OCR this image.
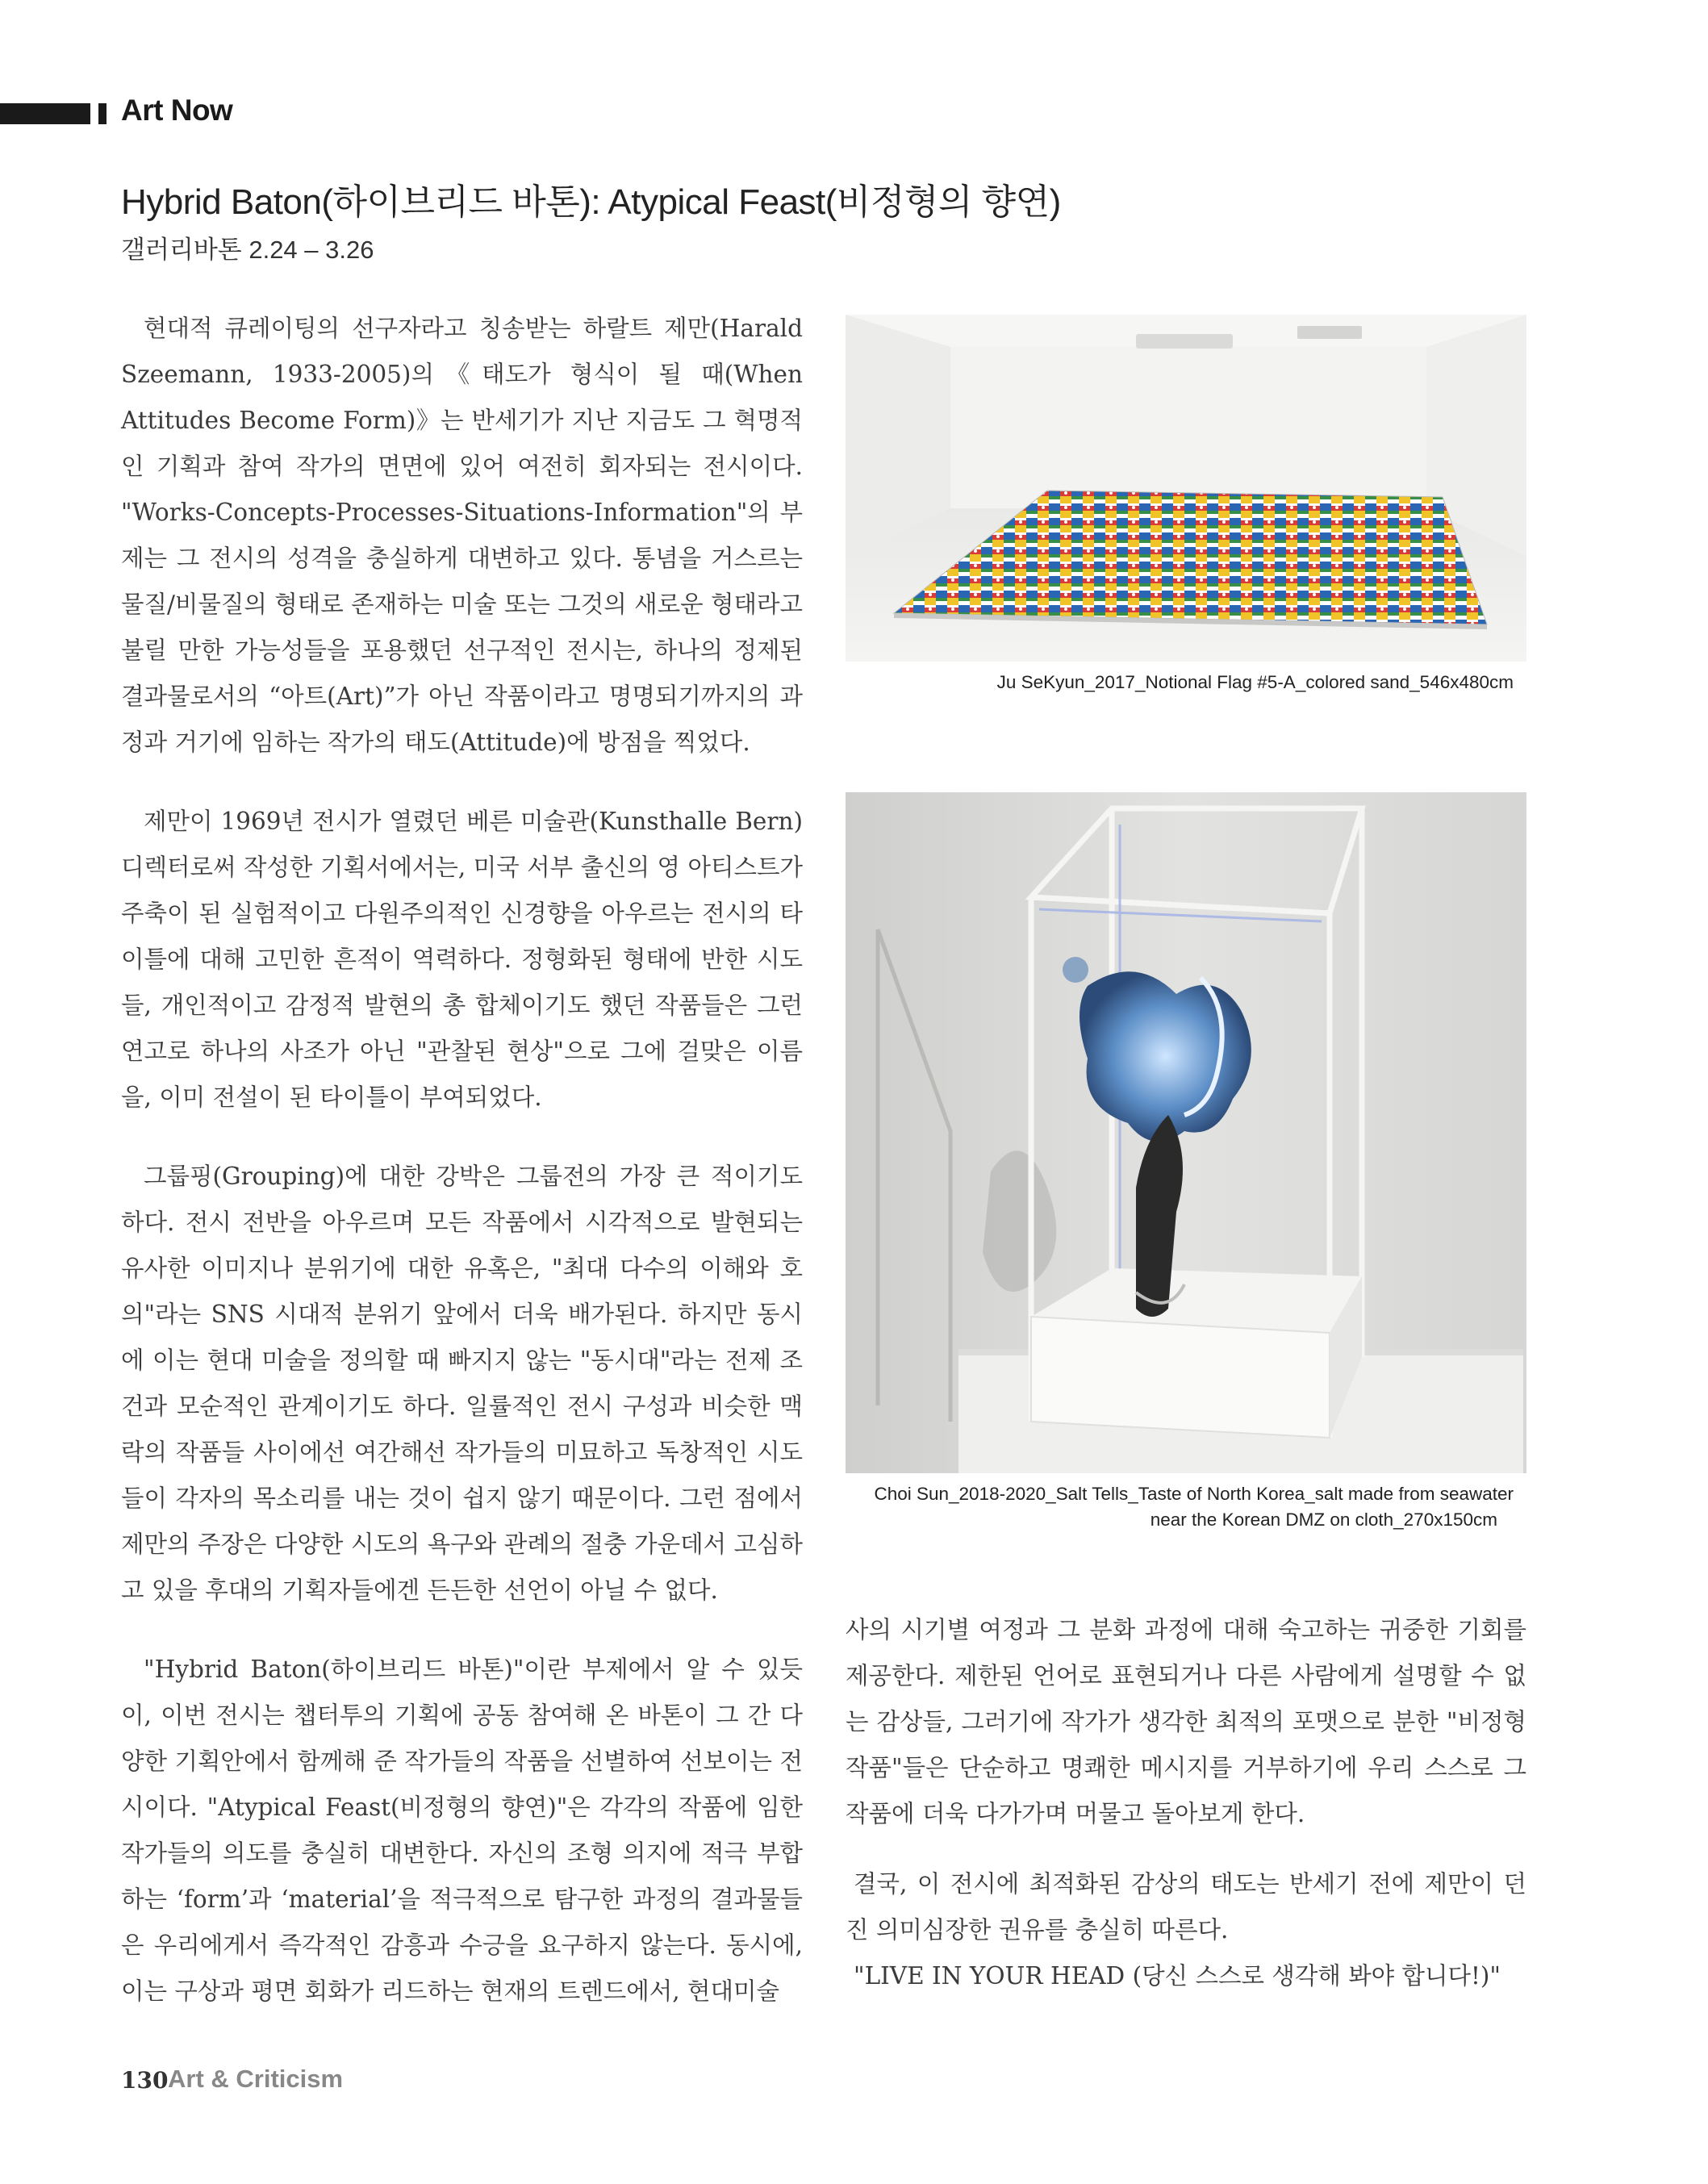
Art Now
Hybrid Baton(하이브리드 바톤): Atypical Feast(비정형의 향연)
갤러리바톤 2.24 – 3.26

현대적 큐레이팅의 선구자라고 칭송받는 하랄트 제만(Harald Szeemann, 1933-2005)의《태도가 형식이 될 때(When Attitudes Become Form)》는 반세기가 지난 지금도 그 혁명적인 기획과 참여 작가의 면면에 있어 여전히 회자되는 전시이다. "Works-Concepts-Processes-Situations-Information"의 부제는 그 전시의 성격을 충실하게 대변하고 있다. 통념을 거스르는 물질/비물질의 형태로 존재하는 미술 또는 그것의 새로운 형태라고 불릴 만한 가능성들을 포용했던 선구적인 전시는, 하나의 정제된 결과물로서의 “아트(Art)”가 아닌 작품이라고 명명되기까지의 과정과 거기에 임하는 작가의 태도(Attitude)에 방점을 찍었다.

제만이 1969년 전시가 열렸던 베른 미술관(Kunsthalle Bern) 디렉터로써 작성한 기획서에서는, 미국 서부 출신의 영 아티스트가 주축이 된 실험적이고 다원주의적인 신경향을 아우르는 전시의 타이틀에 대해 고민한 흔적이 역력하다. 정형화된 형태에 반한 시도들, 개인적이고 감정적 발현의 총 합체이기도 했던 작품들은 그런 연고로 하나의 사조가 아닌 "관찰된 현상"으로 그에 걸맞은 이름을, 이미 전설이 된 타이틀이 부여되었다.

그룹핑(Grouping)에 대한 강박은 그룹전의 가장 큰 적이기도 하다. 전시 전반을 아우르며 모든 작품에서 시각적으로 발현되는 유사한 이미지나 분위기에 대한 유혹은, "최대 다수의 이해와 호의"라는 SNS 시대적 분위기 앞에서 더욱 배가된다. 하지만 동시에 이는 현대 미술을 정의할 때 빠지지 않는 "동시대"라는 전제 조건과 모순적인 관계이기도 하다. 일률적인 전시 구성과 비슷한 맥락의 작품들 사이에선 여간해선 작가들의 미묘하고 독창적인 시도들이 각자의 목소리를 내는 것이 쉽지 않기 때문이다. 그런 점에서 제만의 주장은 다양한 시도의 욕구와 관례의 절충 가운데서 고심하고 있을 후대의 기획자들에겐 든든한 선언이 아닐 수 없다.

"Hybrid Baton(하이브리드 바톤)"이란 부제에서 알 수 있듯이, 이번 전시는 챕터투의 기획에 공동 참여해 온 바톤이 그 간 다양한 기획안에서 함께해 준 작가들의 작품을 선별하여 선보이는 전시이다. "Atypical Feast(비정형의 향연)"은 각각의 작품에 임한 작가들의 의도를 충실히 대변한다. 자신의 조형 의지에 적극 부합하는 ‘form’과 ‘material’을 적극적으로 탐구한 과정의 결과물들은 우리에게서 즉각적인 감흥과 수긍을 요구하지 않는다. 동시에, 이는 구상과 평면 회화가 리드하는 현재의 트렌드에서, 현대미술

사의 시기별 여정과 그 분화 과정에 대해 숙고하는 귀중한 기회를 제공한다. 제한된 언어로 표현되거나 다른 사람에게 설명할 수 없는 감상들, 그러기에 작가가 생각한 최적의 포맷으로 분한 "비정형 작품"들은 단순하고 명쾌한 메시지를 거부하기에 우리 스스로 그 작품에 더욱 다가가며 머물고 돌아보게 한다.

결국, 이 전시에 최적화된 감상의 태도는 반세기 전에 제만이 던진 의미심장한 권유를 충실히 따른다.

"LIVE IN YOUR HEAD (당신 스스로 생각해 봐야 합니다!)"

Ju SeKyun_2017_Notional Flag #5-A_colored sand_546x480cm
Choi Sun_2018-2020_Salt Tells_Taste of North Korea_salt made from seawater
near the Korean DMZ on cloth_270x150cm
130 Art & Criticism
